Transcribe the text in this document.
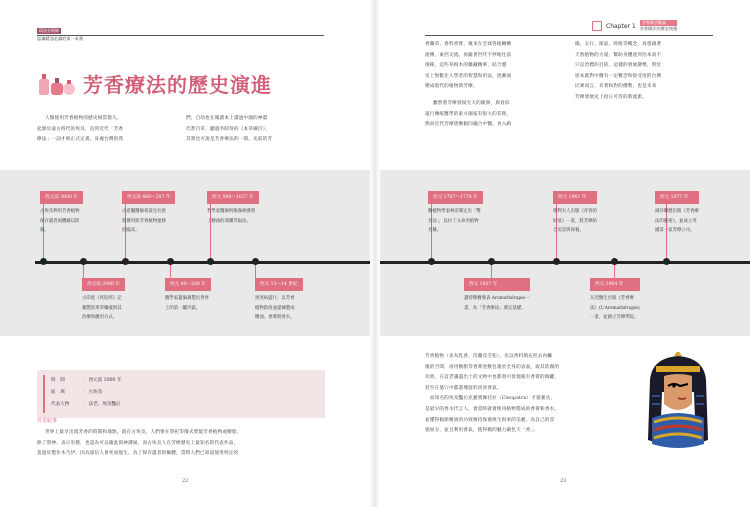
精油芳療師
認識精油必讀的第一本書
Chapter 1	芳香療法概論
芳香療法的歷史演進
芳香療法的歷史演進
人類使用芳香植物的歷史相當悠久，
起源於遠古時代的埃及，直到近代「芳香
療法」一詞才被正式定義。身處台灣的我
們，自幼也在閱讀本上讀過中國的神農
氏嘗百草、聽過李時珍的《本草綱目》，
其實也可說是芳香療法的一環。史前的芳
香藥草、香料香膏，後來在全球各地輾轉
流傳，東西交流。再隨著世代不停地往前
推移，這些草根木的藥藏精華，結合歷
史上無數先人學者的智慧和用法，逐漸演
變成現代的植物與芳療。
雖然將芳療發揚光大的歐洲，與看似
遠行傳統醫學的東方國家有很大的差距，
然而近代芳療逐漸傾向融合中醫、食入路
陽、五行、節氣、經絡等概念，再憑藉著
天然植物的力量，幫助身體達到治本而不
只是治標的目的，這樣的發展趨勢，對於
原本就對中醫有一定概念和接受度的台灣
民眾而言，有著和對的優勢，也是未來
芳療發展史上指日可待的新流派。
西元前 3000 年
古埃及利用芳香植物
保存遺者屍體藉以防
腐。
西元前 460～287 年
古希臘醫師希波克拉底
將薰用與芳香植物運務
於臨床。
西元 980～1037 年
哲學家醫師阿維森納發明
了精油的蒸餾萃取法。
西元 1707～1778 年
動植物學家林奈制定出「雙
名法」，以拉丁文命名植物
名稱。
西元 1961 年
摩利夫人出版《青春的
財富》一書，將芳療結
合美容與保養。
西元 1977 年
滴莎蘭德出版《芳香療
法的藝術》，並成立英
國第一家芳療公司。
西元前 2000 年
古印度《吠陀經》記
載豐富果草藥液與其
治療和應用方式。
西元 40～200 年
醫學家蓋倫調製出世界
上的第一罐冷霜。
西元 13～14 世紀
黑死病盛行，以芳香
植物防疫並提煉製成
精油、香膏與香水。
西元 1937 年
蓋特佛賽發表 Aromathérapie一
書，為「芳香療法」奠定基礎。
西元 1964 年
瓦涅醫生出版《芳香療
法》(L'Aromathérapie)
一書，並創立芳療學院。
時　間	｜ 西元前 3000 年
區　域	｜ 古埃及
代表人物	｜ 法老、埃及豔后
芳香紀事
世界上最早出現芳香的時期和地點，就在古埃及。人們會在祭祀等儀式焚燒芳香植物或樹脂，
除了祭神、表示崇敬，也認為可以藉此與神溝通。而古埃及人在芳療歷史上最知名的代表作品，
莫過於製作木乃伊。因為深信人會死而復生，為了保存遺者的軀體，當時人們已知道使用特定的
芳香植物（多為乳香、沒藥及雪松），先以香料填充控去內臟
後的空間，再用樹脂等香膏塗敷包裹於全身的表面，取其防腐的
功效，在這老讓盡出土的文物中也都發可發現販有香膏的陶罐，
甚至在墓穴中都還殘留的淡淡香氣。
　而知名的埃及豔后克麗奧佩托拉（Cleopatra）才貌兼具，
是最早的香水代言人，會當時就會使用植物製成的香膏和香水，
並懂得傾節精油的功效維持保養與生俱來的美麗，為自己的容
貌加分，並且利用香氣，使得她的魅力錦色天「香」。
22	23
